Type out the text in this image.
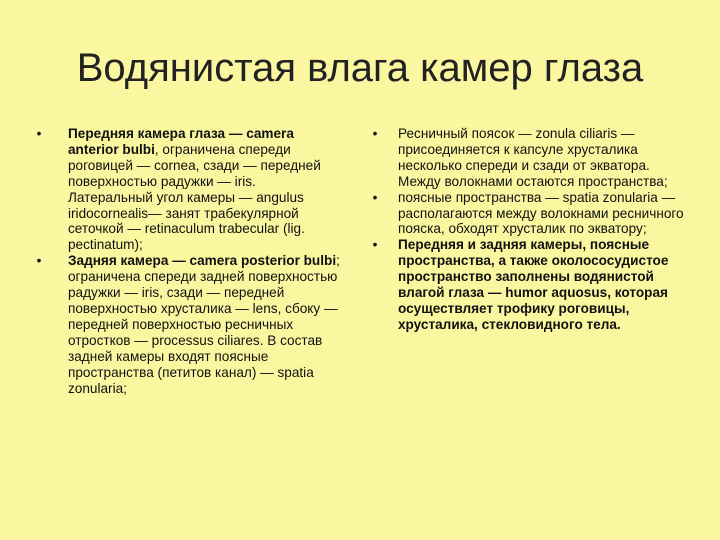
Водянистая влага камер глаза
•	Передняя камера глаза — camera anterior bulbi, ограничена спереди роговицей — cornea, сзади — передней поверхностью радужки — iris. Латеральный угол камеры — angulus iridocornealis— занят трабекулярной сеточкой — retinaculum trabecular (lig. pectinatum);
•	Задняя камера — camera posterior bulbi; ограничена спереди задней поверхностью радужки — iris, сзади — передней поверхностью хрусталика — lens, сбоку — передней поверхностью ресничных отростков — processus ciliares. В состав задней камеры входят поясные пространства (петитов канал) — spatia zonularia;
•	Ресничный поясок — zonula ciliaris — присоединяется к капсуле хрусталика несколько спереди и сзади от экватора. Между волокнами остаются пространства;
•	поясные пространства — spatia zonularia — располагаются между волокнами ресничного пояска, обходят хрусталик по экватору;
•	Передняя и задняя камеры, поясные пространства, а также околососудистое пространство заполнены водянистой влагой глаза — humor aquosus, которая осуществляет трофику роговицы, хрусталика, стекловидного тела.
